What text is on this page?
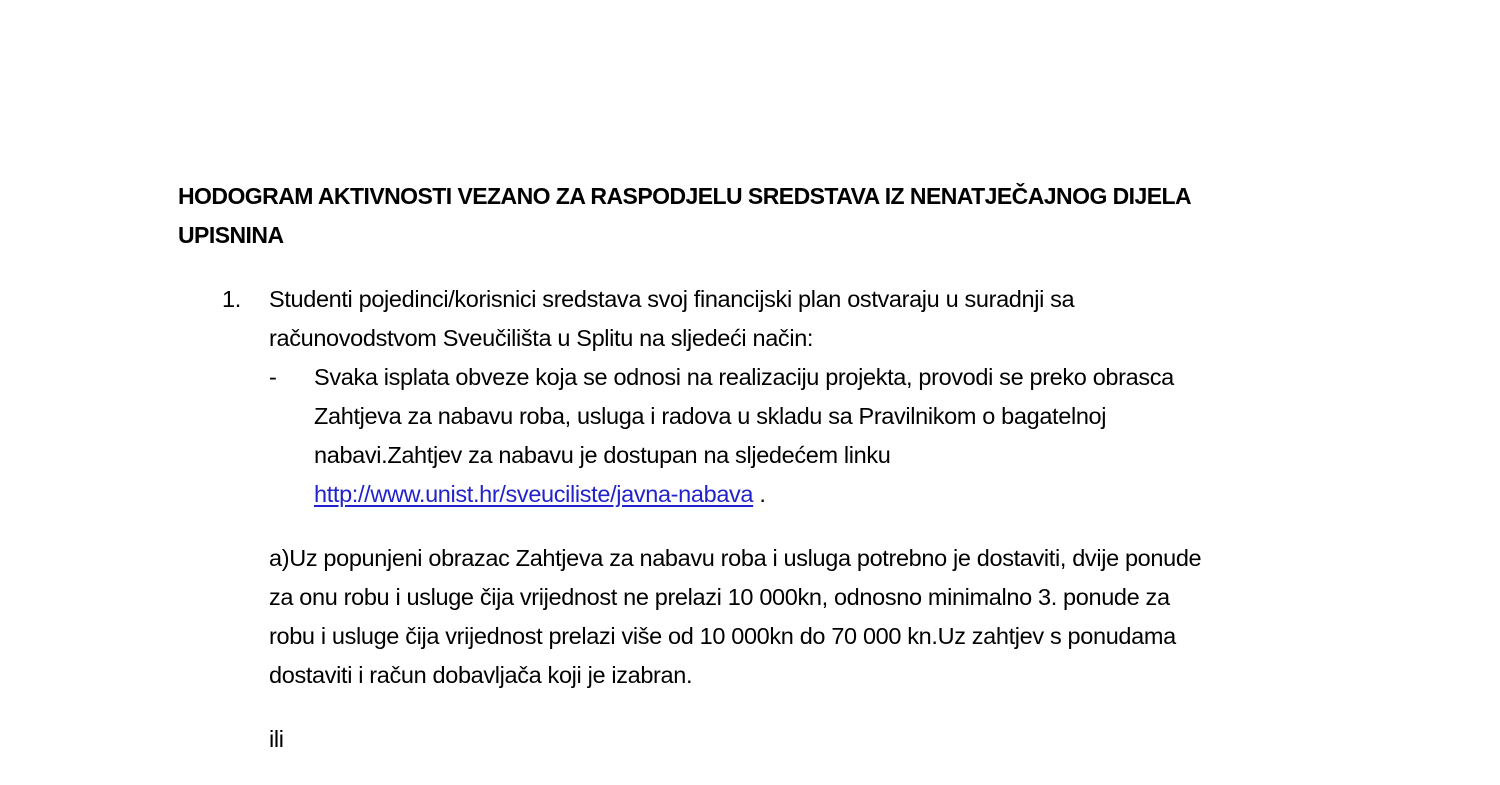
HODOGRAM AKTIVNOSTI VEZANO ZA RASPODJELU SREDSTAVA IZ NENATJEČAJNOG DIJELA
UPISNINA
1. Studenti pojedinci/korisnici sredstava svoj financijski plan ostvaraju u suradnji sa
računovodstvom Sveučilišta u Splitu na sljedeći način:
- Svaka isplata obveze koja se odnosi na realizaciju projekta, provodi se preko obrasca
Zahtjeva za nabavu roba, usluga i radova u skladu sa Pravilnikom o bagatelnoj
nabavi.Zahtjev za nabavu je dostupan na sljedećem linku
http://www.unist.hr/sveuciliste/javna-nabava .
a)Uz popunjeni obrazac Zahtjeva za nabavu roba i usluga potrebno je dostaviti, dvije ponude
za onu robu i usluge čija vrijednost ne prelazi 10 000kn, odnosno minimalno 3. ponude za
robu i usluge čija vrijednost prelazi više od 10 000kn do 70 000 kn.Uz zahtjev s ponudama
dostaviti i račun dobavljača koji je izabran.
ili
